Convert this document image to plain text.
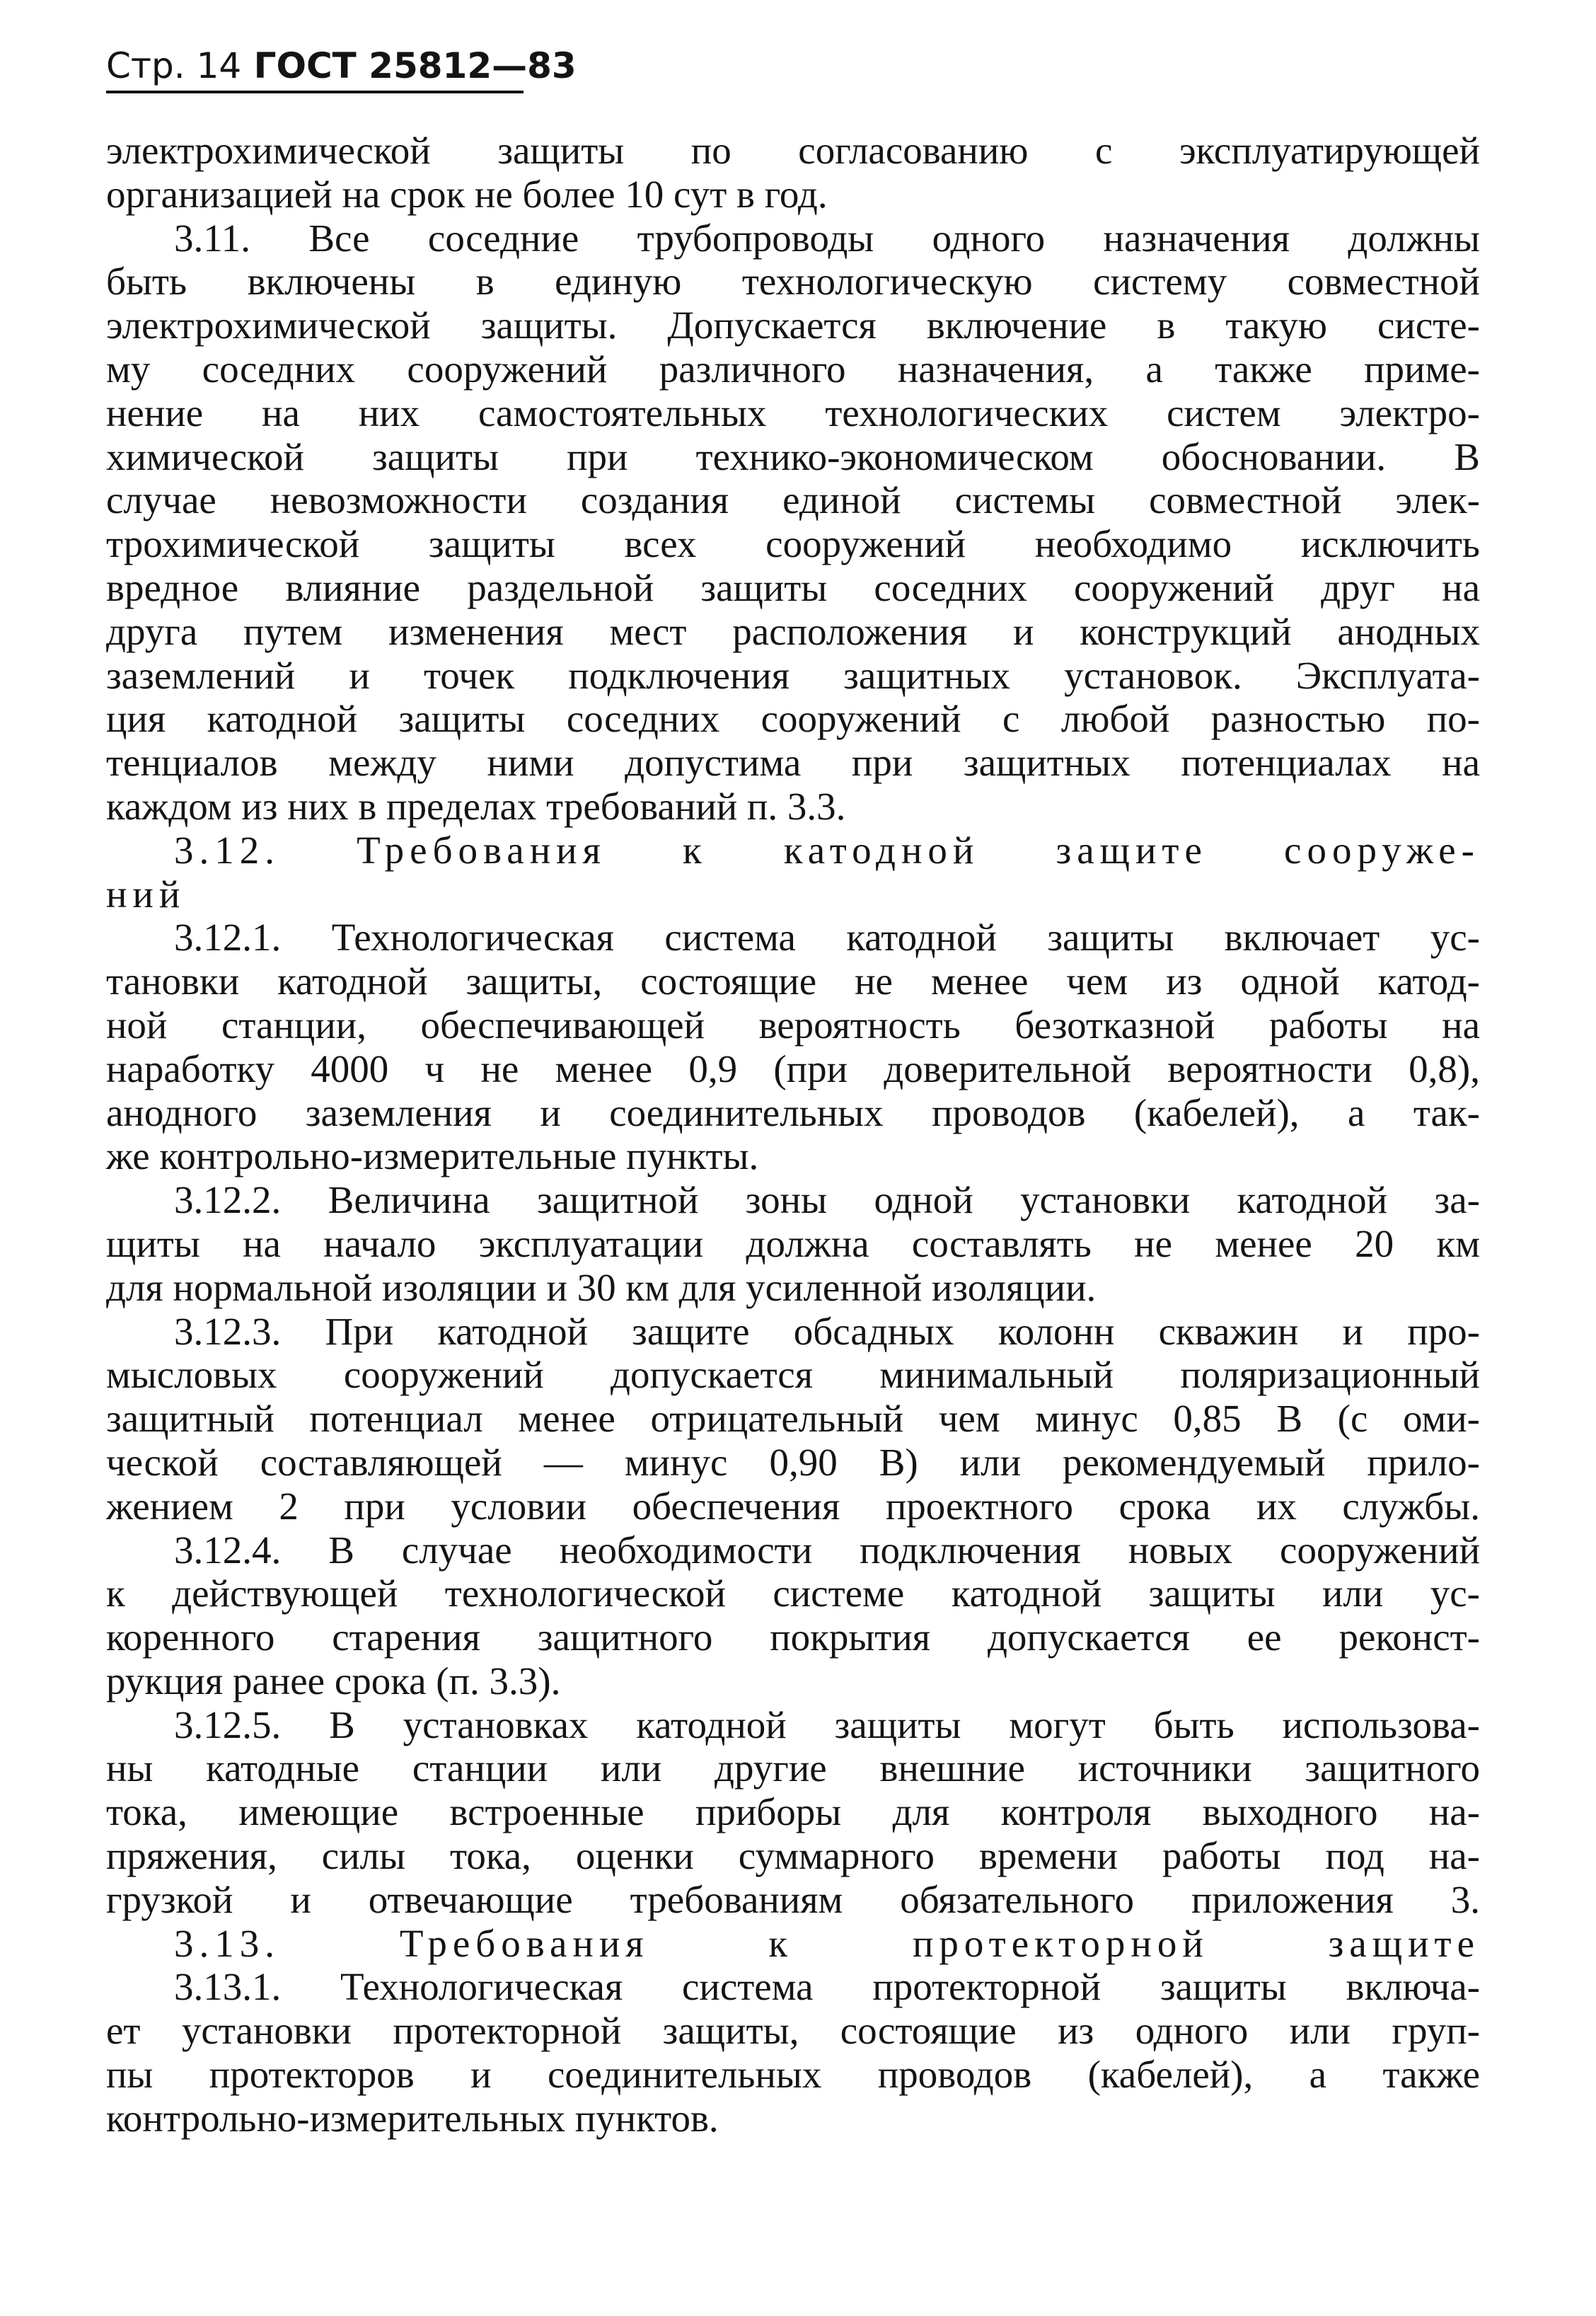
Стр. 14 ГОСТ 25812—83
электрохимической защиты по согласованию с эксплуатирующей
организацией на срок не более 10 сут в год.
3.11. Все соседние трубопроводы одного назначения должны
быть включены в единую технологическую систему совместной
электрохимической защиты. Допускается включение в такую систе-
му соседних сооружений различного назначения, а также приме-
нение на них самостоятельных технологических систем электро-
химической защиты при технико-экономическом обосновании. В
случае невозможности создания единой системы совместной элек-
трохимической защиты всех сооружений необходимо исключить
вредное влияние раздельной защиты соседних сооружений друг на
друга путем изменения мест расположения и конструкций анодных
заземлений и точек подключения защитных установок. Эксплуата-
ция катодной защиты соседних сооружений с любой разностью по-
тенциалов между ними допустима при защитных потенциалах на
каждом из них в пределах требований п. 3.3.
3.12. Требования к катодной защите сооруже-
ний
3.12.1. Технологическая система катодной защиты включает ус-
тановки катодной защиты, состоящие не менее чем из одной катод-
ной станции, обеспечивающей вероятность безотказной работы на
наработку 4000 ч не менее 0,9 (при доверительной вероятности 0,8),
анодного заземления и соединительных проводов (кабелей), а так-
же контрольно-измерительные пункты.
3.12.2. Величина защитной зоны одной установки катодной за-
щиты на начало эксплуатации должна составлять не менее 20 км
для нормальной изоляции и 30 км для усиленной изоляции.
3.12.3. При катодной защите обсадных колонн скважин и про-
мысловых сооружений допускается минимальный поляризационный
защитный потенциал менее отрицательный чем минус 0,85 В (с оми-
ческой составляющей — минус 0,90 В) или рекомендуемый прило-
жением 2 при условии обеспечения проектного срока их службы.
3.12.4. В случае необходимости подключения новых сооружений
к действующей технологической системе катодной защиты или ус-
коренного старения защитного покрытия допускается ее реконст-
рукция ранее срока (п. 3.3).
3.12.5. В установках катодной защиты могут быть использова-
ны катодные станции или другие внешние источники защитного
тока, имеющие встроенные приборы для контроля выходного на-
пряжения, силы тока, оценки суммарного времени работы под на-
грузкой и отвечающие требованиям обязательного приложения 3.
3.13. Требования к протекторной защите
3.13.1. Технологическая система протекторной защиты включа-
ет установки протекторной защиты, состоящие из одного или груп-
пы протекторов и соединительных проводов (кабелей), а также
контрольно-измерительных пунктов.
